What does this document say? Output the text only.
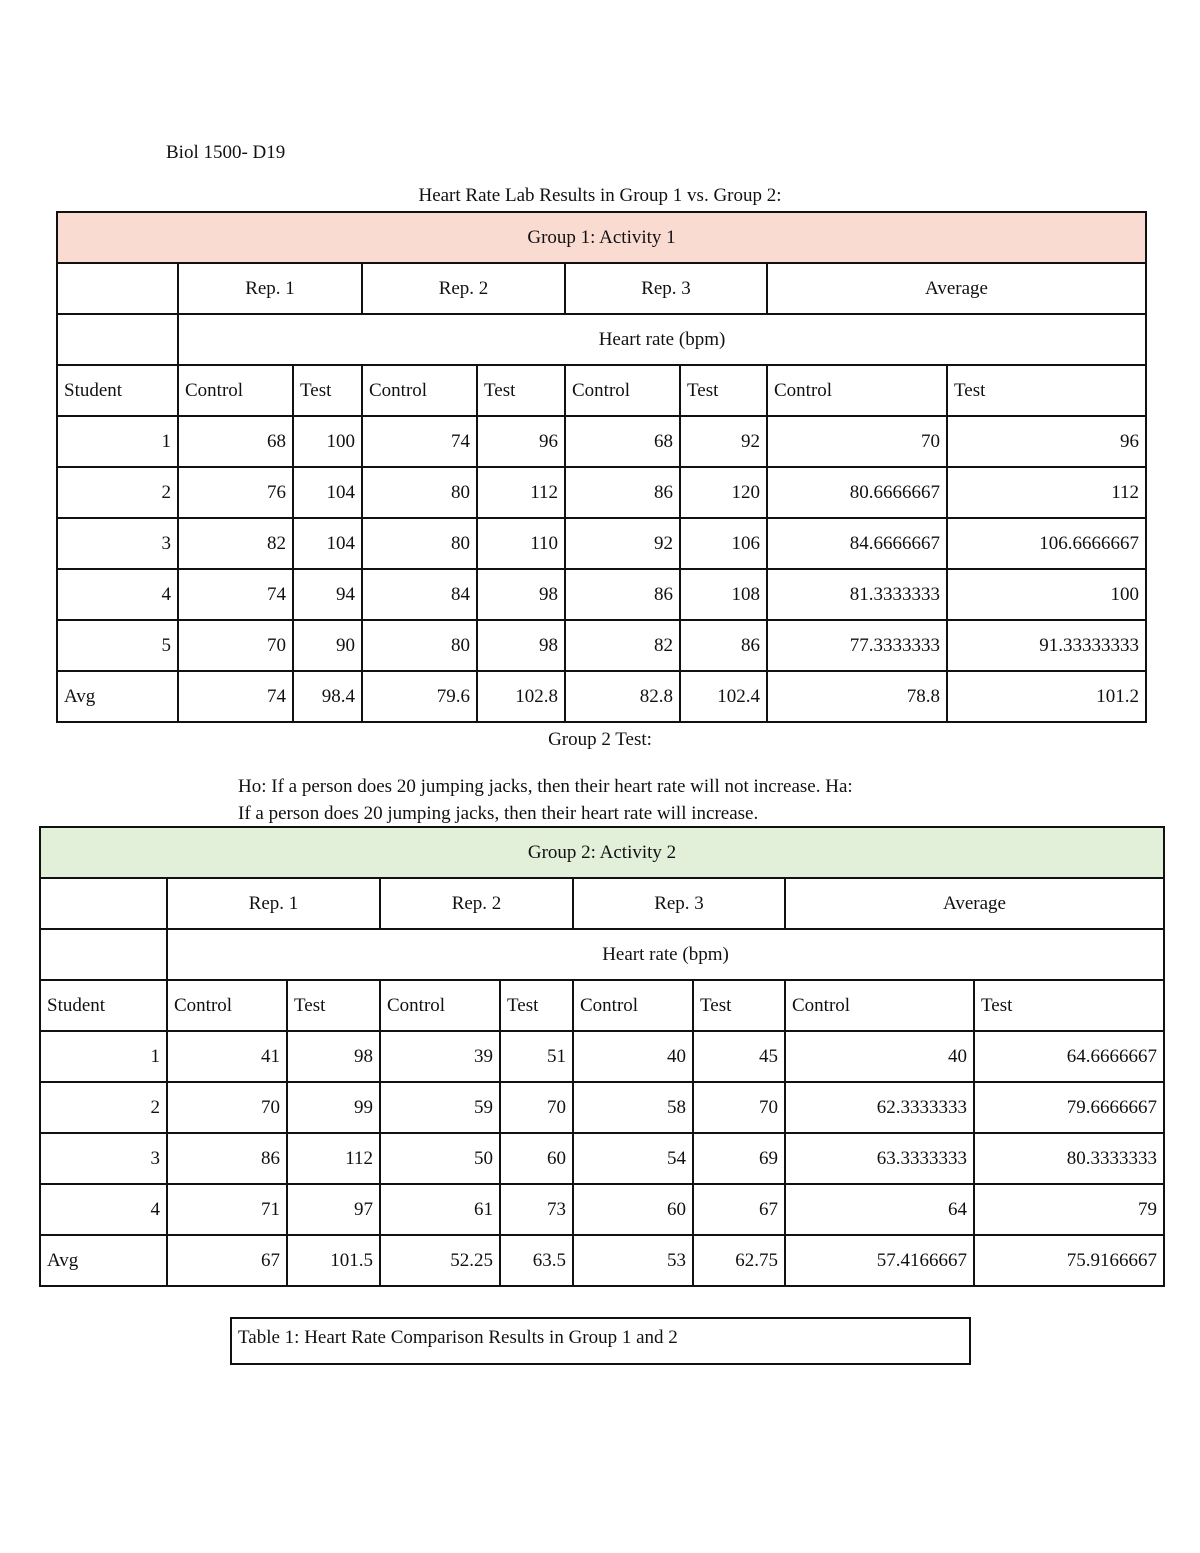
Biol 1500- D19
Heart Rate Lab Results in Group 1 vs. Group 2:
Group 1: Activity 1								
	Rep. 1		Rep. 2		Rep. 3		Average	
	Heart rate (bpm)							
Student	Control	Test	Control	Test	Control	Test	Control	Test
1	68	100	74	96	68	92	70	96
2	76	104	80	112	86	120	80.6666667	112
3	82	104	80	110	92	106	84.6666667	106.6666667
4	74	94	84	98	86	108	81.3333333	100
5	70	90	80	98	82	86	77.3333333	91.33333333
Avg	74	98.4	79.6	102.8	82.8	102.4	78.8	101.2
Group 2 Test:
Ho: If a person does 20 jumping jacks, then their heart rate will not increase. Ha:
If a person does 20 jumping jacks, then their heart rate will increase.
Group 2: Activity 2								
	Rep. 1		Rep. 2		Rep. 3		Average	
	Heart rate (bpm)							
Student	Control	Test	Control	Test	Control	Test	Control	Test
1	41	98	39	51	40	45	40	64.6666667
2	70	99	59	70	58	70	62.3333333	79.6666667
3	86	112	50	60	54	69	63.3333333	80.3333333
4	71	97	61	73	60	67	64	79
Avg	67	101.5	52.25	63.5	53	62.75	57.4166667	75.9166667
Table 1: Heart Rate Comparison Results in Group 1 and 2
